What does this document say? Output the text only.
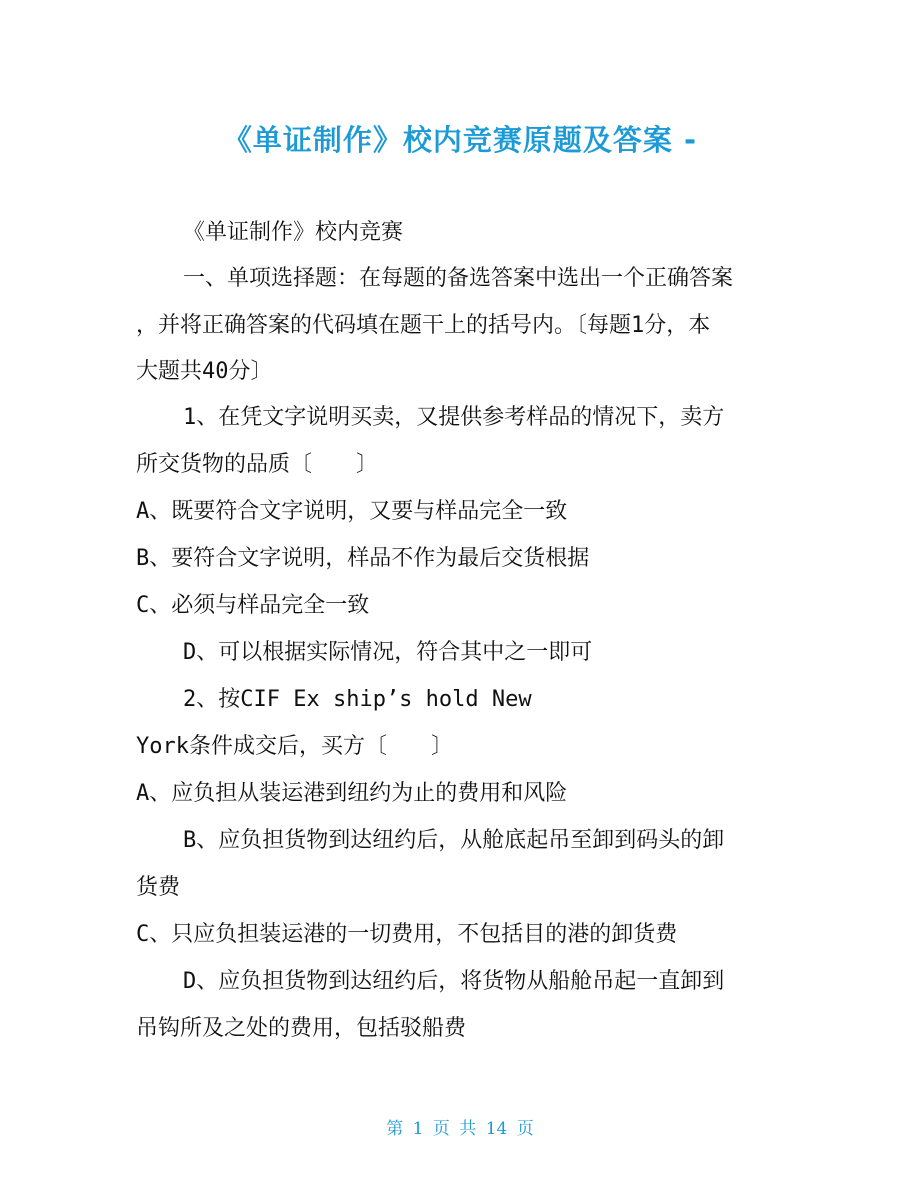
《单证制作》校内竞赛原题及答案 -
《单证制作》校内竞赛
一、单项选择题：在每题的备选答案中选出一个正确答案
，并将正确答案的代码填在题干上的括号内。〔每题1分，本
大题共40分〕
1、在凭文字说明买卖，又提供参考样品的情况下，卖方
所交货物的品质〔　　〕
A、既要符合文字说明，又要与样品完全一致
B、要符合文字说明，样品不作为最后交货根据
C、必须与样品完全一致
D、可以根据实际情况，符合其中之一即可
2、按CIF Ex ship’s hold New
York条件成交后，买方〔　　〕
A、应负担从装运港到纽约为止的费用和风险
B、应负担货物到达纽约后，从舱底起吊至卸到码头的卸
货费
C、只应负担装运港的一切费用，不包括目的港的卸货费
D、应负担货物到达纽约后，将货物从船舱吊起一直卸到
吊钩所及之处的费用，包括驳船费
第 1 页 共 14 页
